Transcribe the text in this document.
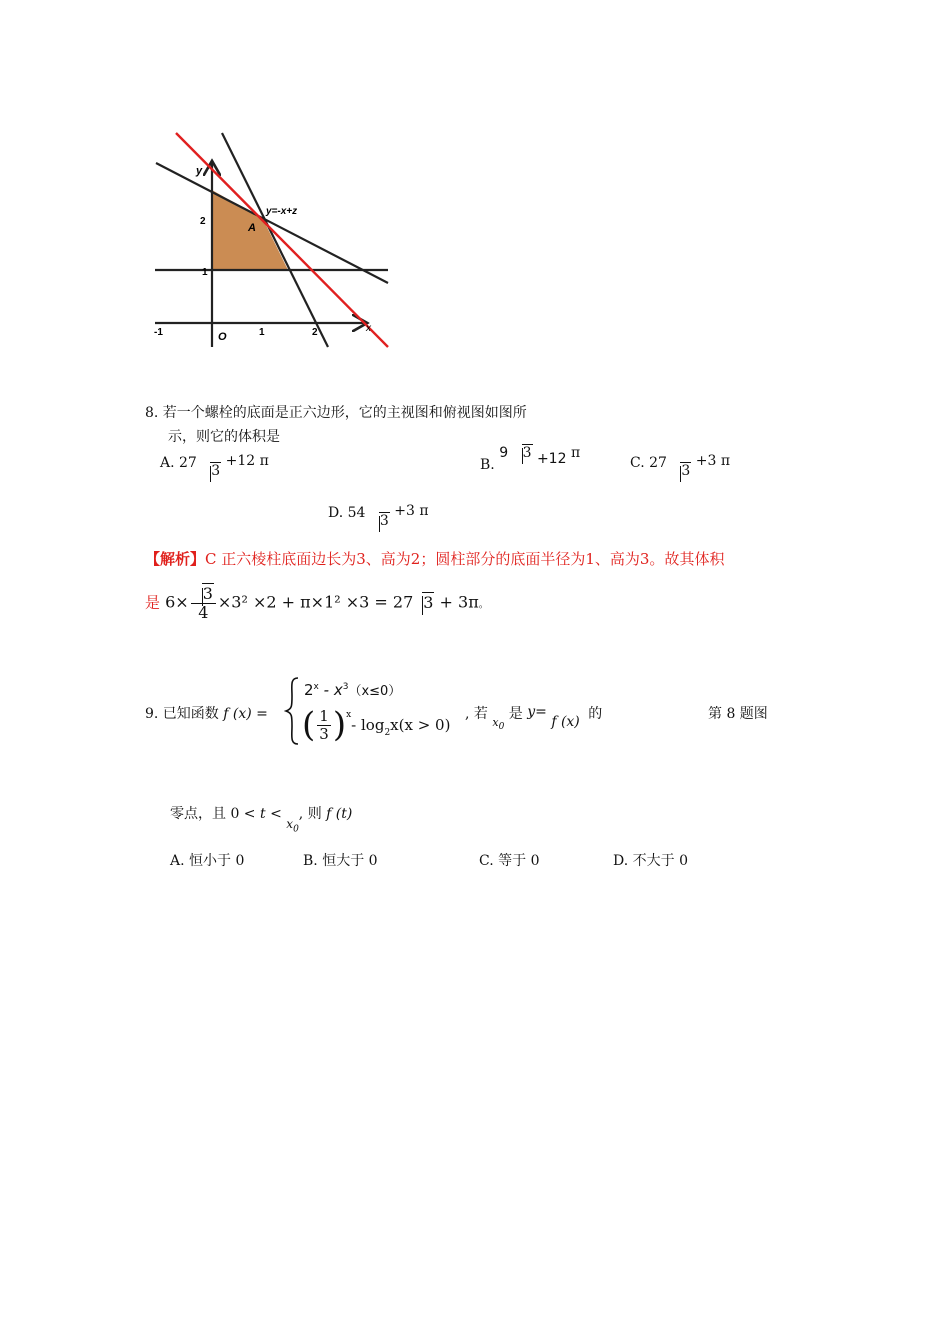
y
x
O
y=-x+z
A
2
1
-1	1	2
8. 若一个螺栓的底面是正六边形，它的主视图和俯视图如图所
示，则它的体积是
A. 27 3 +12 π	B. 9 3 +12 π
C. 27 3 +3 π
D. 54 3 +3 π
【解析】C 正六棱柱底面边长为3、高为2；圆柱部分的底面半径为1、高为3。故其体积
是 $6\times \frac{3}{4} \times 3^2 \times 2 + \pi\times 1^2 \times 3 = 27$ 3 + 3π。
9. 已知函数 f (x) =
$2^x - x^3(x\le 0)$
( $\frac{1}{3} )^x$
- $\log_2 x(x > 0)$
, 若 $_{x_0}$ 是 y= f (x) 的	第 8 题图
零点，且 $0 < t < x_0$, 则 f (t)
A. 恒小于 0	B. 恒大于 0	C. 等于 0	D. 不大于 0
